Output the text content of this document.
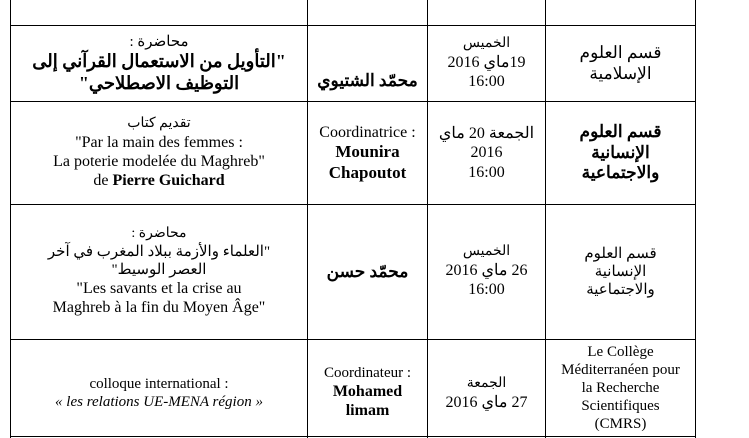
محاضرة :
"التأويل من الاستعمال القرآني إلى التوظيف الاصطلاحي"	محمّد الشتيوي
الخميس
19ماي 2016
16:00
قسم العلوم الإسلامية
تقديم كتاب
"Par la main des femmes :
La poterie modelée du Maghreb"
de Pierre Guichard
Coordinatrice :
Mounira
Chapoutot
الجمعة 20 ماي
2016
16:00
قسم العلوم الإنسانية والاجتماعية
محاضرة :
"العلماء والأزمة ببلاد المغرب في آخر العصر الوسيط"
"Les savants et la crise au
Maghreb à la fin du Moyen Âge"
محمّد حسن
الخميس
26 ماي 2016
16:00
قسم العلوم الإنسانية والاجتماعية
colloque international :
« les relations UE-MENA région »
Coordinateur :
Mohamed
limam
الجمعة
27 ماي 2016
Le Collège
Méditerranéen pour
la Recherche
Scientifiques
(CMRS)
